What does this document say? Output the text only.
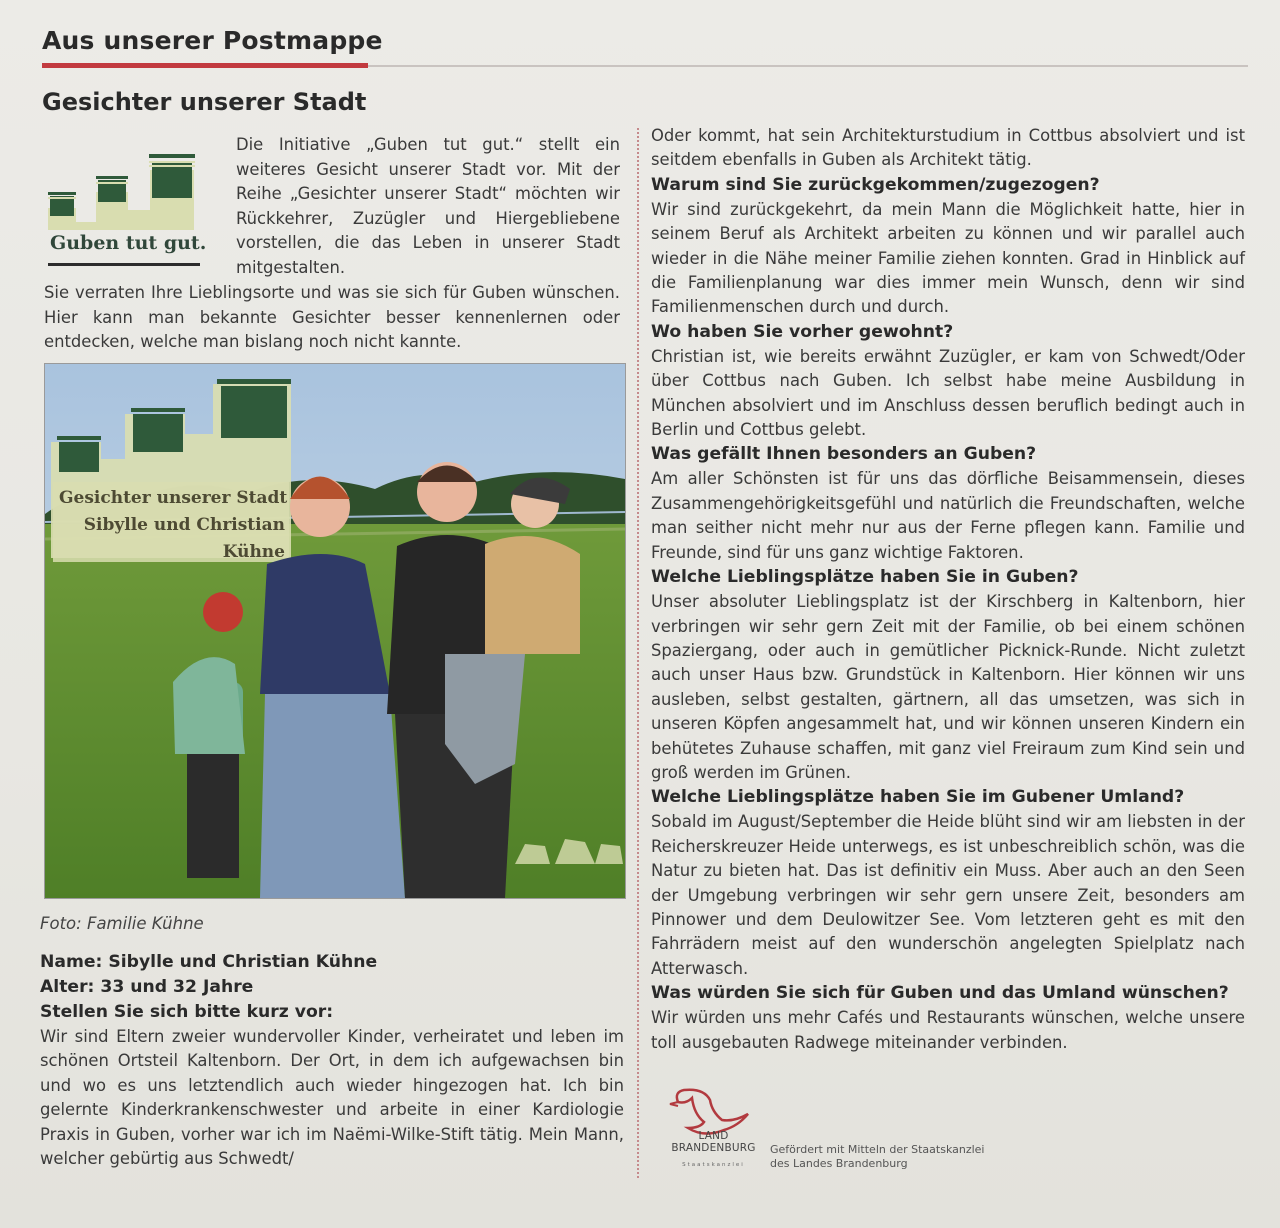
Aus unserer Postmappe
Gesichter unserer Stadt
Guben tut gut.
Die Initiative „Guben tut gut.“ stellt ein weiteres Gesicht unserer Stadt vor. Mit der Reihe „Gesichter unserer Stadt“ möchten wir Rückkehrer, Zuzügler und Hiergebliebene vorstellen, die das Leben in unserer Stadt mitgestalten.
Sie verraten Ihre Lieblingsorte und was sie sich für Guben wünschen. Hier kann man bekannte Gesichter besser kennenlernen oder entdecken, welche man bislang noch nicht kannte.
Gesichter unserer Stadt
Sibylle und Christian
Kühne
Foto: Familie Kühne
Name: Sibylle und Christian Kühne
Alter: 33 und 32 Jahre
Stellen Sie sich bitte kurz vor:
Wir sind Eltern zweier wundervoller Kinder, verheiratet und leben im schönen Ortsteil Kaltenborn. Der Ort, in dem ich aufgewachsen bin und wo es uns letztendlich auch wieder hingezogen hat. Ich bin gelernte Kinderkrankenschwester und arbeite in einer Kardiologie Praxis in Guben, vorher war ich im Naëmi-Wilke-Stift tätig. Mein Mann, welcher gebürtig aus Schwedt/
Oder kommt, hat sein Architekturstudium in Cottbus absolviert und ist seitdem ebenfalls in Guben als Architekt tätig.
Warum sind Sie zurückgekommen/zugezogen?
Wir sind zurückgekehrt, da mein Mann die Möglichkeit hatte, hier in seinem Beruf als Architekt arbeiten zu können und wir parallel auch wieder in die Nähe meiner Familie ziehen konnten. Grad in Hinblick auf die Familienplanung war dies immer mein Wunsch, denn wir sind Familienmenschen durch und durch.
Wo haben Sie vorher gewohnt?
Christian ist, wie bereits erwähnt Zuzügler, er kam von Schwedt/Oder über Cottbus nach Guben. Ich selbst habe meine Ausbildung in München absolviert und im Anschluss dessen beruflich bedingt auch in Berlin und Cottbus gelebt.
Was gefällt Ihnen besonders an Guben?
Am aller Schönsten ist für uns das dörfliche Beisammensein, dieses Zusammengehörigkeitsgefühl und natürlich die Freundschaften, welche man seither nicht mehr nur aus der Ferne pflegen kann. Familie und Freunde, sind für uns ganz wichtige Faktoren.
Welche Lieblingsplätze haben Sie in Guben?
Unser absoluter Lieblingsplatz ist der Kirschberg in Kaltenborn, hier verbringen wir sehr gern Zeit mit der Familie, ob bei einem schönen Spaziergang, oder auch in gemütlicher Picknick-Runde. Nicht zuletzt auch unser Haus bzw. Grundstück in Kaltenborn. Hier können wir uns ausleben, selbst gestalten, gärtnern, all das umsetzen, was sich in unseren Köpfen angesammelt hat, und wir können unseren Kindern ein behütetes Zuhause schaffen, mit ganz viel Freiraum zum Kind sein und groß werden im Grünen.
Welche Lieblingsplätze haben Sie im Gubener Umland?
Sobald im August/September die Heide blüht sind wir am liebsten in der Reicherskreuzer Heide unterwegs, es ist unbeschreiblich schön, was die Natur zu bieten hat. Das ist definitiv ein Muss. Aber auch an den Seen der Umgebung verbringen wir sehr gern unsere Zeit, besonders am Pinnower und dem Deulowitzer See. Vom letzteren geht es mit den Fahrrädern meist auf den wunderschön angelegten Spielplatz nach Atterwasch.
Was würden Sie sich für Guben und das Umland wünschen?
Wir würden uns mehr Cafés und Restaurants wünschen, welche unsere toll ausgebauten Radwege miteinander verbinden.
LAND
BRANDENBURG
Staatskanzlei
Gefördert mit Mitteln der Staatskanzlei
des Landes Brandenburg
